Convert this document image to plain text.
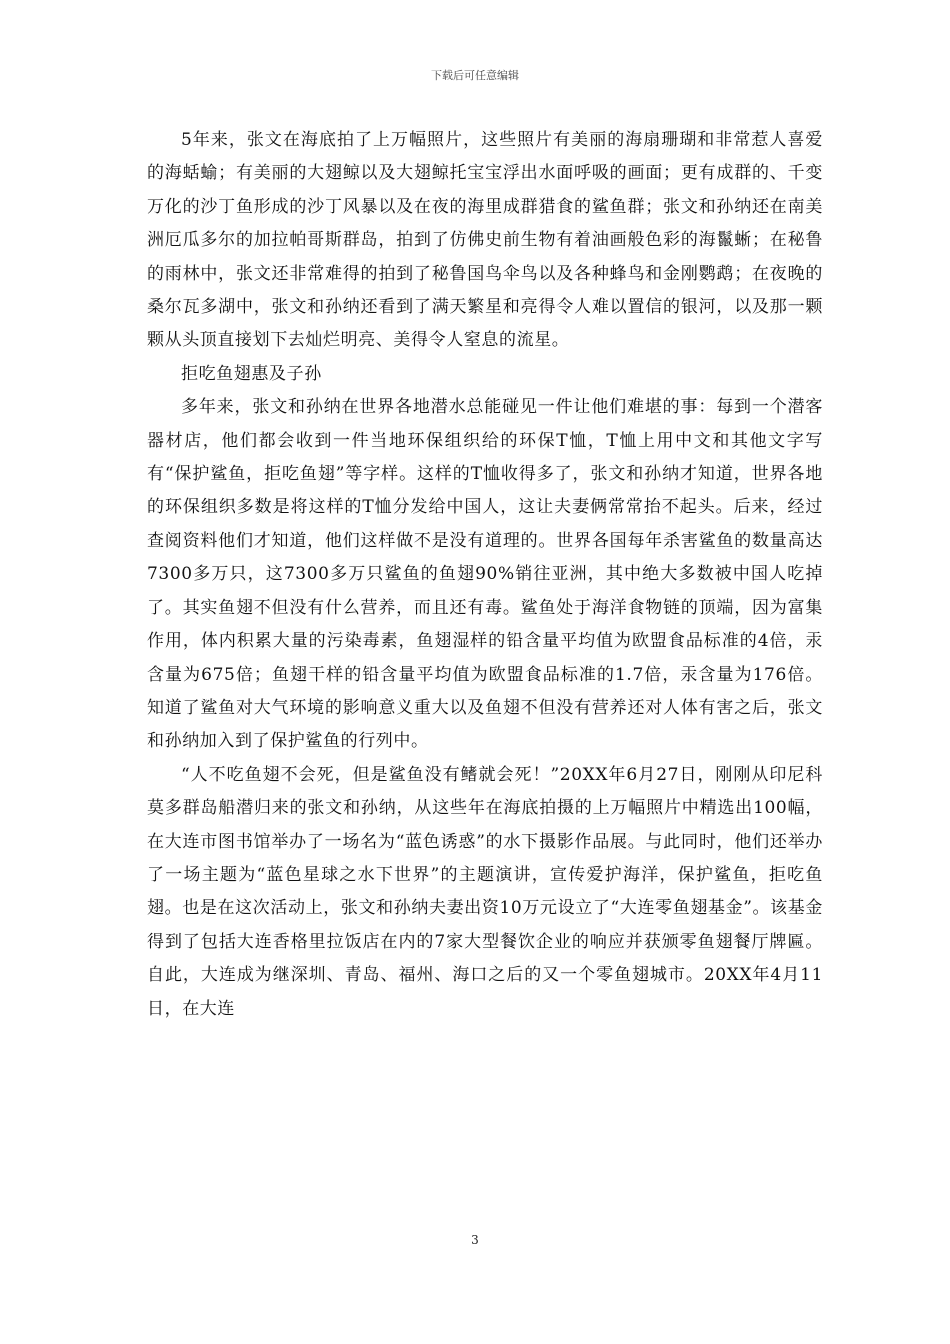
下载后可任意编辑

5年来，张文在海底拍了上万幅照片，这些照片有美丽的海扇珊瑚和非常惹人喜爱的海蛞蝓；有美丽的大翅鲸以及大翅鲸托宝宝浮出水面呼吸的画面；更有成群的、千变万化的沙丁鱼形成的沙丁风暴以及在夜的海里成群猎食的鲨鱼群；张文和孙纳还在南美洲厄瓜多尔的加拉帕哥斯群岛，拍到了仿佛史前生物有着油画般色彩的海鬣蜥；在秘鲁的雨林中，张文还非常难得的拍到了秘鲁国鸟伞鸟以及各种蜂鸟和金刚鹦鹉；在夜晚的桑尔瓦多湖中，张文和孙纳还看到了满天繁星和亮得令人难以置信的银河，以及那一颗颗从头顶直接划下去灿烂明亮、美得令人窒息的流星。

拒吃鱼翅惠及子孙

多年来，张文和孙纳在世界各地潜水总能碰见一件让他们难堪的事：每到一个潜客器材店，他们都会收到一件当地环保组织给的环保T恤，T恤上用中文和其他文字写有“保护鲨鱼，拒吃鱼翅”等字样。这样的T恤收得多了，张文和孙纳才知道，世界各地的环保组织多数是将这样的T恤分发给中国人，这让夫妻俩常常抬不起头。后来，经过查阅资料他们才知道，他们这样做不是没有道理的。世界各国每年杀害鲨鱼的数量高达7300多万只，这7300多万只鲨鱼的鱼翅90%销往亚洲，其中绝大多数被中国人吃掉了。其实鱼翅不但没有什么营养，而且还有毒。鲨鱼处于海洋食物链的顶端，因为富集作用，体内积累大量的污染毒素，鱼翅湿样的铅含量平均值为欧盟食品标准的4倍，汞含量为675倍；鱼翅干样的铅含量平均值为欧盟食品标准的1.7倍，汞含量为176倍。知道了鲨鱼对大气环境的影响意义重大以及鱼翅不但没有营养还对人体有害之后，张文和孙纳加入到了保护鲨鱼的行列中。

“人不吃鱼翅不会死，但是鲨鱼没有鳍就会死！”20XX年6月27日，刚刚从印尼科莫多群岛船潜归来的张文和孙纳，从这些年在海底拍摄的上万幅照片中精选出100幅，在大连市图书馆举办了一场名为“蓝色诱惑”的水下摄影作品展。与此同时，他们还举办了一场主题为“蓝色星球之水下世界”的主题演讲，宣传爱护海洋，保护鲨鱼，拒吃鱼翅。也是在这次活动上，张文和孙纳夫妻出资10万元设立了“大连零鱼翅基金”。该基金得到了包括大连香格里拉饭店在内的7家大型餐饮企业的响应并获颁零鱼翅餐厅牌匾。自此，大连成为继深圳、青岛、福州、海口之后的又一个零鱼翅城市。20XX年4月11日，在大连

3
